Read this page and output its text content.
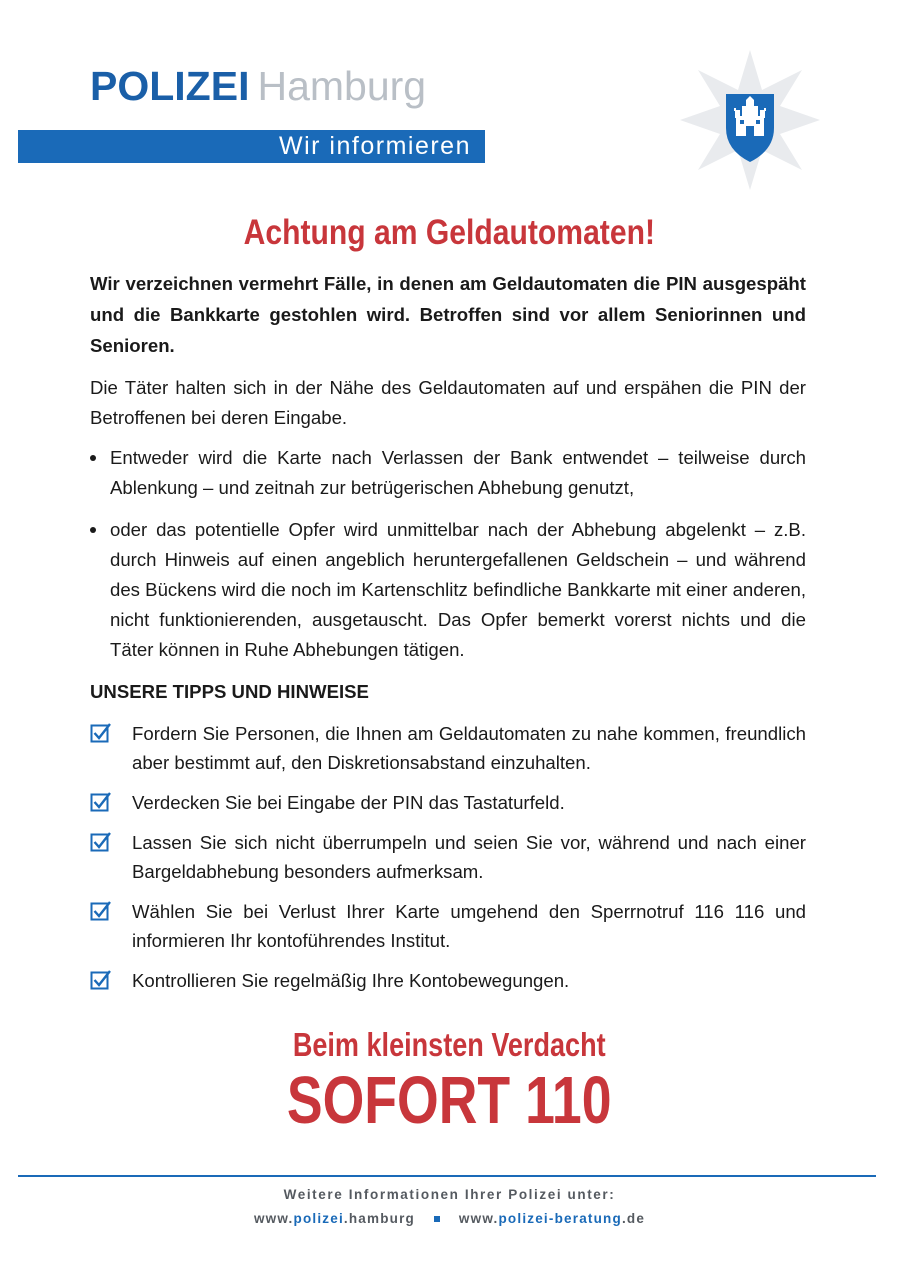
POLIZEI Hamburg
Wir informieren
Achtung am Geldautomaten!

Wir verzeichnen vermehrt Fälle, in denen am Geldautomaten die PIN ausgespäht und die Bankkarte gestohlen wird. Betroffen sind vor allem Seniorinnen und Senioren.

Die Täter halten sich in der Nähe des Geldautomaten auf und erspähen die PIN der Betroffenen bei deren Eingabe.

Entweder wird die Karte nach Verlassen der Bank entwendet – teilweise durch Ablenkung – und zeitnah zur betrügerischen Abhebung genutzt,
oder das potentielle Opfer wird unmittelbar nach der Abhebung abgelenkt – z.B. durch Hinweis auf einen angeblich heruntergefallenen Geldschein – und während des Bückens wird die noch im Kartenschlitz befindliche Bankkarte mit einer anderen, nicht funktionierenden, ausgetauscht. Das Opfer bemerkt vorerst nichts und die Täter können in Ruhe Abhebungen tätigen.
UNSERE TIPPS UND HINWEISE
Fordern Sie Personen, die Ihnen am Geldautomaten zu nahe kommen, freundlich aber bestimmt auf, den Diskretionsabstand einzuhalten.
Verdecken Sie bei Eingabe der PIN das Tastaturfeld.
Lassen Sie sich nicht überrumpeln und seien Sie vor, während und nach einer Bargeldabhebung besonders aufmerksam.
Wählen Sie bei Verlust Ihrer Karte umgehend den Sperrnotruf 116 116 und informieren Ihr kontoführendes Institut.
Kontrollieren Sie regelmäßig Ihre Kontobewegungen.
Beim kleinsten Verdacht
SOFORT 110
Weitere Informationen Ihrer Polizei unter:
www.polizei.hamburg	www.polizei-beratung.de
